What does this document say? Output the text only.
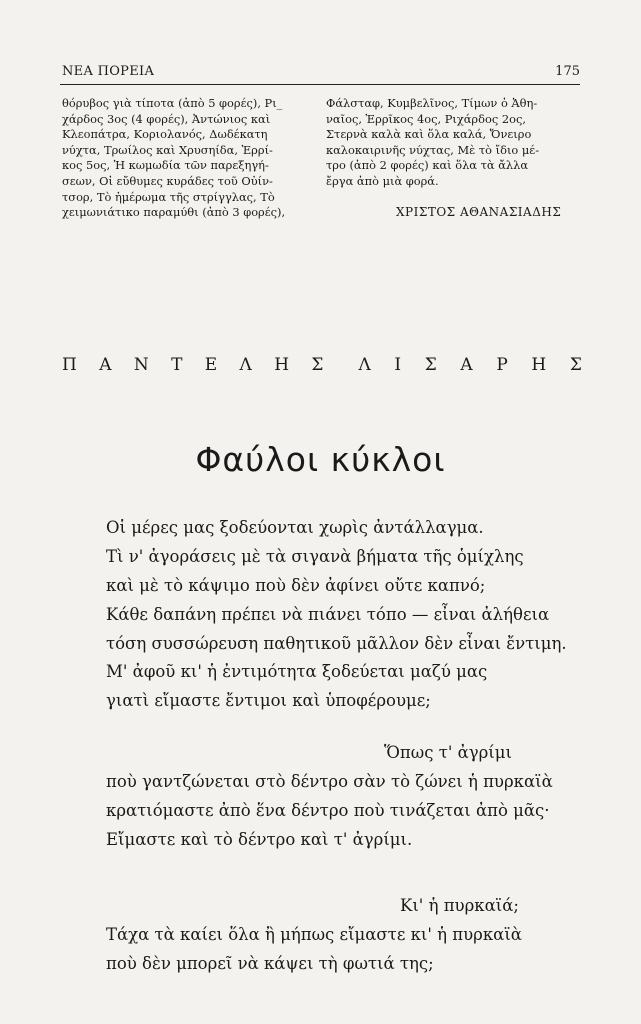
ΝΕΑ ΠΟΡΕΙΑ	175

θόρυβος γιὰ τίποτα (ἀπὸ 5 φορές), Ρι_

χάρδος 3ος (4 φορές), Ἀντώνιος καὶ

Κλεοπάτρα, Κοριολανός, Δωδέκατη

νύχτα, Τρωίλος καὶ Χρυσηίδα, Ἑρρί-

κος 5ος, Ἡ κωμωδία τῶν παρεξηγή-

σεων, Οἱ εὔθυμες κυράδες τοῦ Οὐίν-

τσορ, Τὸ ἡμέρωμα τῆς στρίγγλας, Τὸ

χειμωνιάτικο παραμύθι (ἀπὸ 3 φορές),

Φάλσταφ, Κυμβελῖνος, Τίμων ὁ Ἀθη-

ναῖος, Ἑρρῖκος 4ος, Ριχάρδος 2ος,

Στερνὰ καλὰ καὶ ὅλα καλά, Ὄνειρο

καλοκαιρινῆς νύχτας, Μὲ τὸ ἴδιο μέ-

τρο (ἀπὸ 2 φορές) καὶ ὅλα τὰ ἄλλα

ἔργα ἀπὸ μιὰ φορά.

ΧΡΙΣΤΟΣ ΑΘΑΝΑΣΙΑΔΗΣ
Π Α Ν Τ Ε Λ Η Σ Λ Ι Σ Α Ρ Η Σ
Φαύλοι κύκλοι
Οἱ μέρες μας ξοδεύονται χωρὶς ἀντάλλαγμα.
Τὶ ν' ἀγοράσεις μὲ τὰ σιγανὰ βήματα τῆς ὁμίχλης
καὶ μὲ τὸ κάψιμο ποὺ δὲν ἀφίνει οὔτε καπνό;
Κάθε δαπάνη πρέπει νὰ πιάνει τόπο — εἶναι ἀλήθεια
τόση συσσώρευση παθητικοῦ μᾶλλον δὲν εἶναι ἔντιμη.
Μ' ἀφοῦ κι' ἡ ἐντιμότητα ξοδεύεται μαζύ μας
γιατὶ εἴμαστε ἔντιμοι καὶ ὑποφέρουμε;
Ὅπως τ' ἀγρίμι
ποὺ γαντζώνεται στὸ δέντρο σὰν τὸ ζώνει ἡ πυρκαϊὰ
κρατιόμαστε ἀπὸ ἕνα δέντρο ποὺ τινάζεται ἀπὸ μᾶς·
Εἴμαστε καὶ τὸ δέντρο καὶ τ' ἀγρίμι.
Κι' ἡ πυρκαϊά;
Τάχα τὰ καίει ὅλα ἢ μήπως εἴμαστε κι' ἡ πυρκαϊὰ
ποὺ δὲν μπορεῖ νὰ κάψει τὴ φωτιά της;
